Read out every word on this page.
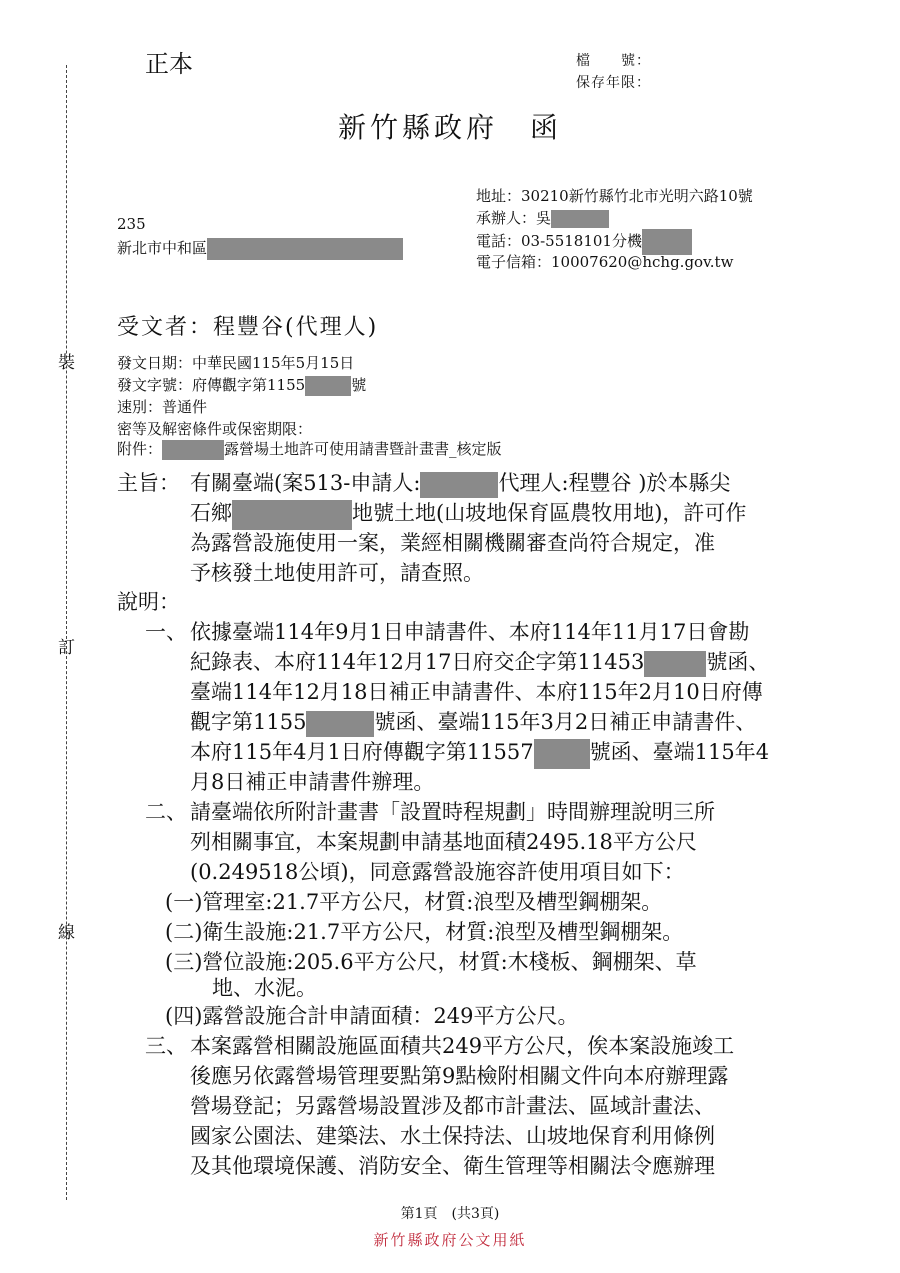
裝
訂
線
正本	檔　　號：
保存年限：
新竹縣政府　函
地址：30210新竹縣竹北市光明六路10號
承辦人：吳
電話：03-5518101分機
電子信箱：10007620@hchg.gov.tw
235
新北市中和區
受文者：程豐谷(代理人)
發文日期：中華民國115年5月15日
發文字號：府傳觀字第1155	號
速別：普通件
密等及解密條件或保密期限：
附件：	露營場土地許可使用請書暨計畫書_核定版
主旨： 有關臺端(案513-申請人:	代理人:程豐谷 )於本縣尖
石鄉	地號土地(山坡地保育區農牧用地)，許可作
為露營設施使用一案，業經相關機關審查尚符合規定，准
予核發土地使用許可，請查照。
說明：
一、 依據臺端114年9月1日申請書件、本府114年11月17日會勘
紀錄表、本府114年12月17日府交企字第11453	號函、
臺端114年12月18日補正申請書件、本府115年2月10日府傳
觀字第1155	號函、臺端115年3月2日補正申請書件、
本府115年4月1日府傳觀字第11557	號函、臺端115年4
月8日補正申請書件辦理。
二、 請臺端依所附計畫書「設置時程規劃」時間辦理說明三所
列相關事宜，本案規劃申請基地面積2495.18平方公尺
(0.249518公頃)，同意露營設施容許使用項目如下：
(一)管理室:21.7平方公尺，材質:浪型及槽型鋼棚架。
(二)衛生設施:21.7平方公尺，材質:浪型及槽型鋼棚架。
(三)營位設施:205.6平方公尺，材質:木棧板、鋼棚架、草
地、水泥。
(四)露營設施合計申請面積：249平方公尺。
三、 本案露營相關設施區面積共249平方公尺，俟本案設施竣工
後應另依露營場管理要點第9點檢附相關文件向本府辦理露
營場登記；另露營場設置涉及都市計畫法、區域計畫法、
國家公園法、建築法、水土保持法、山坡地保育利用條例
及其他環境保護、消防安全、衛生管理等相關法令應辦理
第1頁　(共3頁)
新竹縣政府公文用紙
